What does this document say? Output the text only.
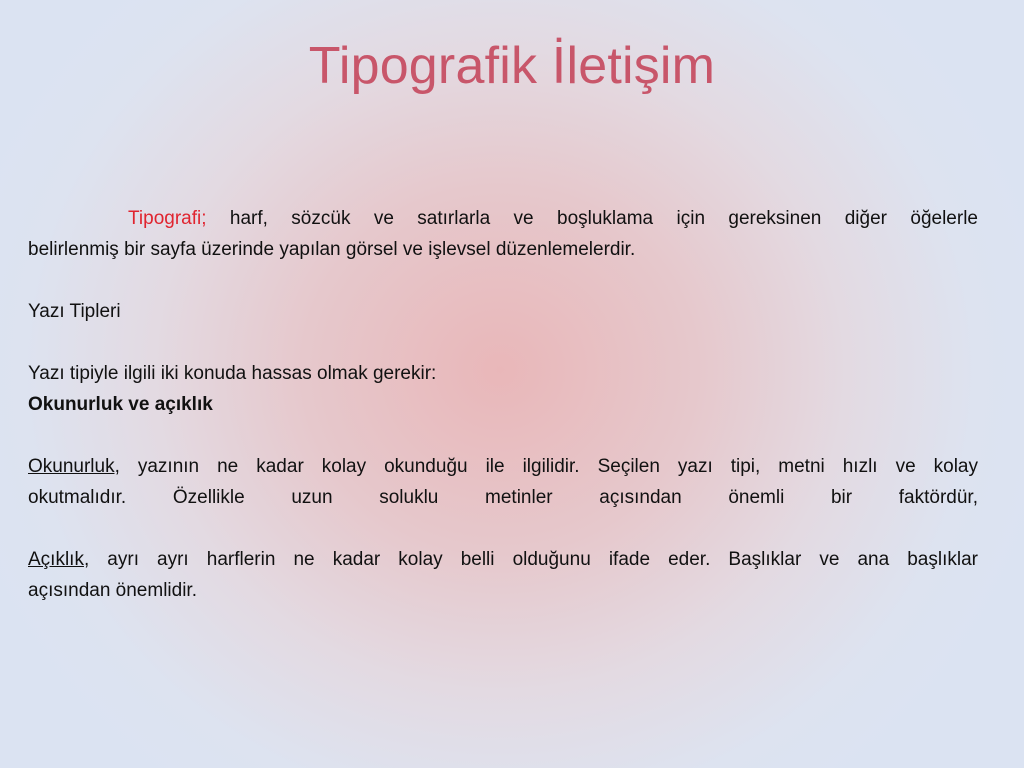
Tipografik İletişim

Tipografi; harf, sözcük ve satırlarla ve boşluklama için gereksinen diğer öğelerle

belirlenmiş bir sayfa üzerinde yapılan görsel ve işlevsel düzenlemelerdir.

Yazı Tipleri

Yazı tipiyle ilgili iki konuda hassas olmak gerekir:

Okunurluk ve açıklık

Okunurluk, yazının ne kadar kolay okunduğu ile ilgilidir. Seçilen yazı tipi, metni hızlı ve kolay

okutmalıdır. Özellikle uzun soluklu metinler açısından önemli bir faktördür,

Açıklık, ayrı ayrı harflerin ne kadar kolay belli olduğunu ifade eder. Başlıklar ve ana başlıklar

açısından önemlidir.
